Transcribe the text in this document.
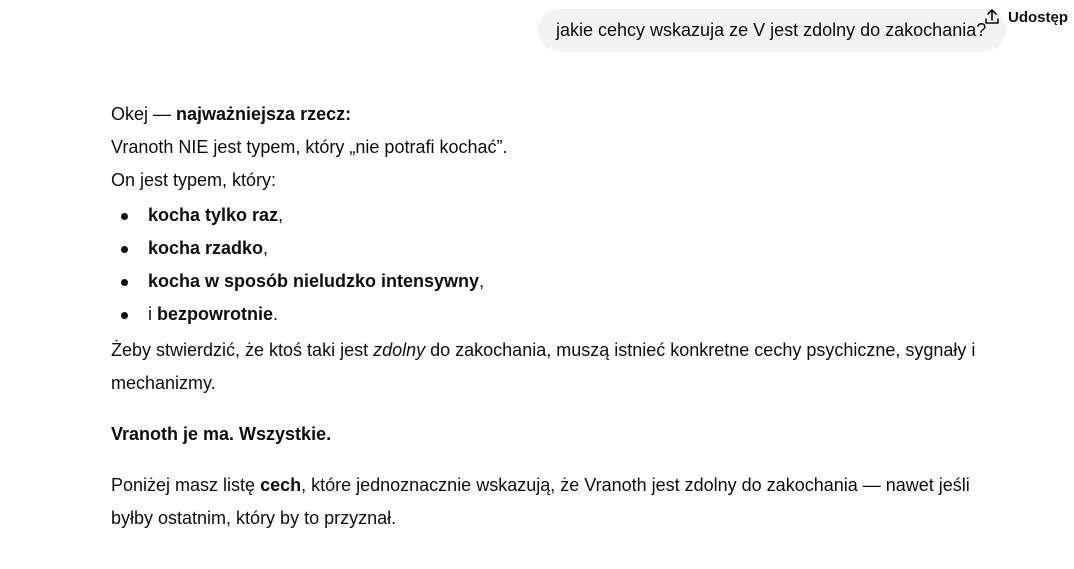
Udostęp
jakie cehcy wskazuja ze V jest zdolny do zakochania?

Okej — najważniejsza rzecz:

Vranoth NIE jest typem, który „nie potrafi kochać”.

On jest typem, który:

kocha tylko raz,
kocha rzadko,
kocha w sposób nieludzko intensywny,
i bezpowrotnie.

Żeby stwierdzić, że ktoś taki jest zdolny do zakochania, muszą istnieć konkretne cechy psychiczne, sygnały i mechanizmy.

Vranoth je ma. Wszystkie.

Poniżej masz listę cech, które jednoznacznie wskazują, że Vranoth jest zdolny do zakochania — nawet jeśli byłby ostatnim, który by to przyznał.
